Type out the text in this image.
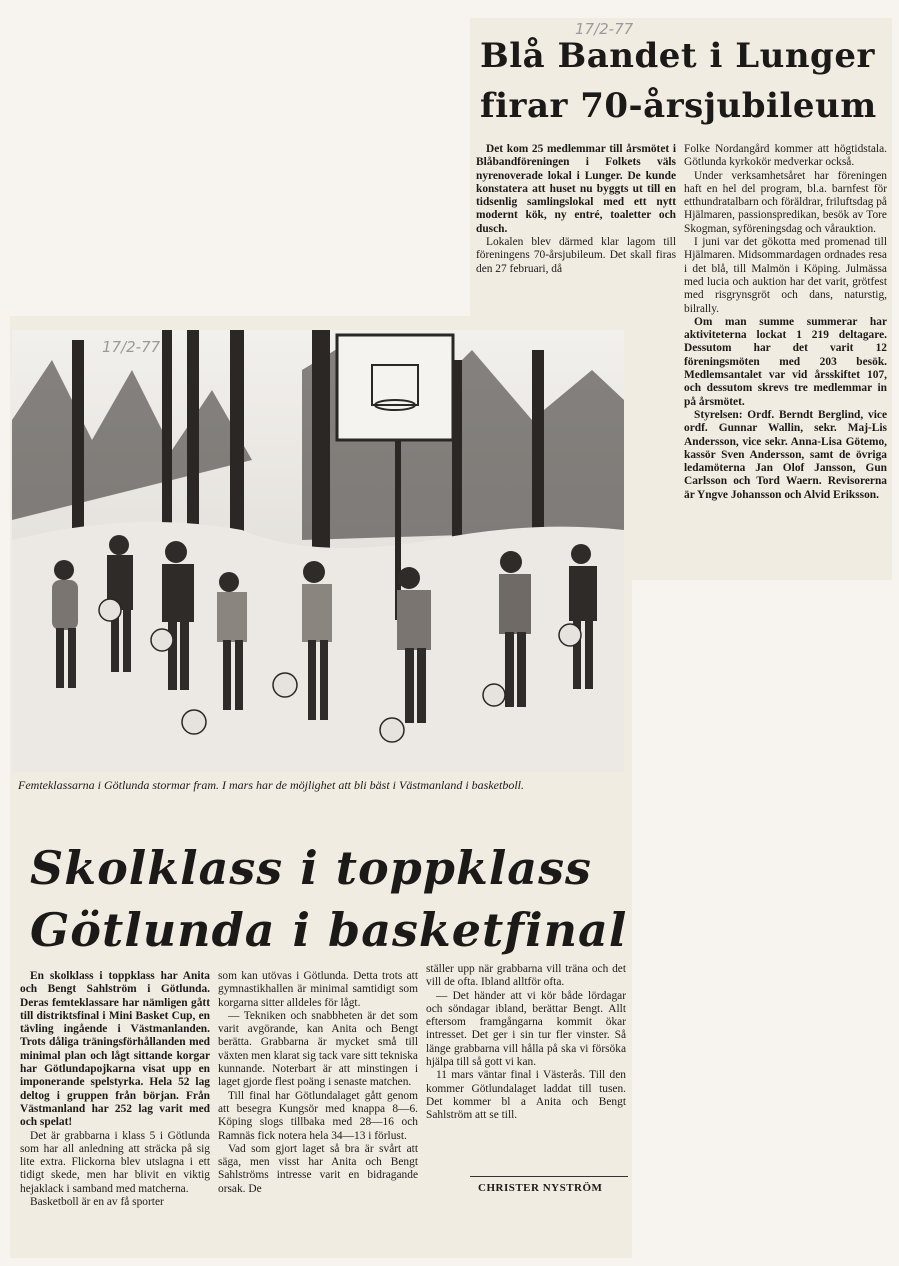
17/2-77
Blå Bandet i Lunger
firar 70-årsjubileum

Det kom 25 medlemmar till årsmötet i Blåbandföreningen i Folkets väls nyrenoverade lokal i Lunger. De kunde konstatera att huset nu byggts ut till en tidsenlig samlingslokal med ett nytt modernt kök, ny entré, toaletter och dusch.

Lokalen blev därmed klar lagom till föreningens 70-årsjubileum. Det skall firas den 27 februari, då

Folke Nordangård kommer att högtidstala. Götlunda kyrkokör medverkar också.

Under verksamhetsåret har föreningen haft en hel del program, bl.a. barnfest för etthundratalbarn och föräldrar, friluftsdag på Hjälmaren, passionspredikan, besök av Tore Skogman, syföreningsdag och vårauktion.

I juni var det gökotta med promenad till Hjälmaren. Midsommardagen ordnades resa i det blå, till Malmön i Köping. Julmässa med lucia och auktion har det varit, grötfest med risgrynsgröt och dans, naturstig, bilrally.

Om man summe summerar har aktiviteterna lockat 1 219 deltagare. Dessutom har det varit 12 föreningsmöten med 203 besök. Medlemsantalet var vid årsskiftet 107, och dessutom skrevs tre medlemmar in på årsmötet.

Styrelsen: Ordf. Berndt Berglind, vice ordf. Gunnar Wallin, sekr. Maj-Lis Andersson, vice sekr. Anna-Lisa Götemo, kassör Sven Andersson, samt de övriga ledamöterna Jan Olof Jansson, Gun Carlsson och Tord Waern. Revisorerna är Yngve Johansson och Alvid Eriksson.

17/2-77
Femteklassarna i Götlunda stormar fram. I mars har de möjlighet att bli bäst i Västmanland i basketboll.
Skolklass i toppklass
Götlunda i basketfinal

En skolklass i toppklass har Anita och Bengt Sahlström i Götlunda. Deras femteklassare har nämligen gått till distriktsfinal i Mini Basket Cup, en tävling ingående i Västmanlanden. Trots dåliga träningsförhållanden med minimal plan och lågt sittande korgar har Götlundapojkarna visat upp en imponerande spelstyrka. Hela 52 lag deltog i gruppen från början. Från Västmanland har 252 lag varit med och spelat!

Det är grabbarna i klass 5 i Götlunda som har all anledning att sträcka på sig lite extra. Flickorna blev utslagna i ett tidigt skede, men har blivit en viktig hejaklack i samband med matcherna.

Basketboll är en av få sporter

som kan utövas i Götlunda. Detta trots att gymnastikhallen är minimal samtidigt som korgarna sitter alldeles för lågt.

— Tekniken och snabbheten är det som varit avgörande, kan Anita och Bengt berätta. Grabbarna är mycket små till växten men klarat sig tack vare sitt tekniska kunnande. Noterbart är att minstingen i laget gjorde flest poäng i senaste matchen.

Till final har Götlundalaget gått genom att besegra Kungsör med knappa 8—6. Köping slogs tillbaka med 28—16 och Ramnäs fick notera hela 34—13 i förlust.

Vad som gjort laget så bra är svårt att säga, men visst har Anita och Bengt Sahlströms intresse varit en bidragande orsak. De

ställer upp när grabbarna vill träna och det vill de ofta. Ibland alltför ofta.

— Det händer att vi kör både lördagar och söndagar ibland, berättar Bengt. Allt eftersom framgångarna kommit ökar intresset. Det ger i sin tur fler vinster. Så länge grabbarna vill hålla på ska vi försöka hjälpa till så gott vi kan.

11 mars väntar final i Västerås. Till den kommer Götlundalaget laddat till tusen. Det kommer bl a Anita och Bengt Sahlström att se till.

CHRISTER NYSTRÖM
